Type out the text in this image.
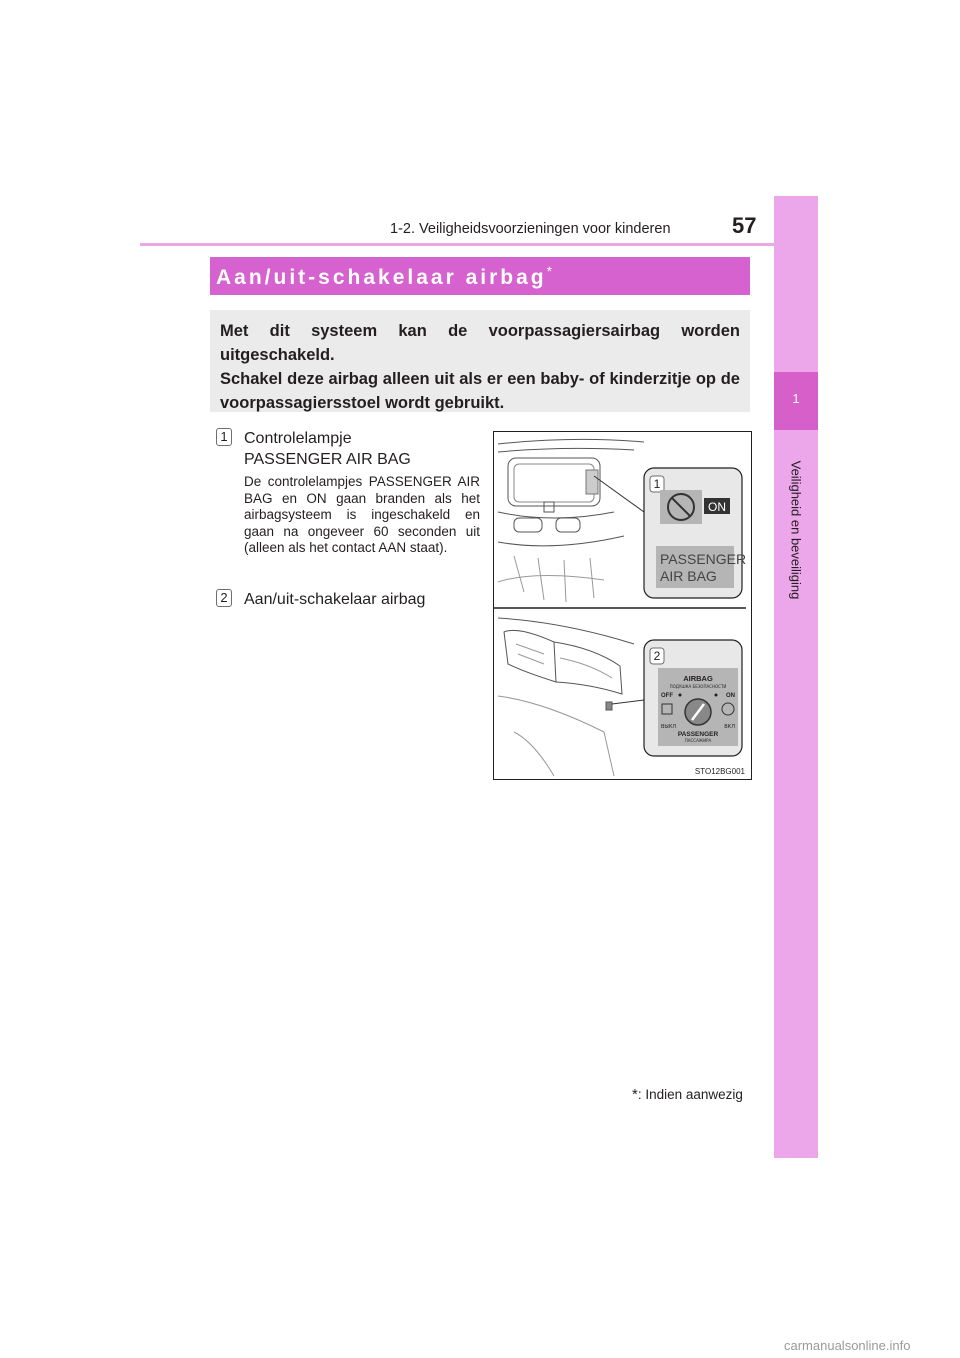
1-2. Veiligheidsvoorzieningen voor kinderen	57
1
Veiligheid en beveiliging
Aan/uit-schakelaar airbag*

Met dit systeem kan de voorpassagiersairbag worden uitgeschakeld.

Schakel deze airbag alleen uit als er een baby- of kinderzitje op de voorpassagiersstoel wordt gebruikt.

1 Controlelampje
PASSENGER AIR BAG
De controlelampjes PASSENGER AIR BAG en ON gaan branden als het airbagsysteem is ingeschakeld en gaan na ongeveer 60 seconden uit (alleen als het contact AAN staat).
2 Aan/uit-schakelaar airbag
1
ON
PASSENGER
AIR BAG
2
AIRBAG
ПОДУШКА БЕЗОПАСНОСТИ
OFF	ON
ВЫКЛ	ВКЛ
PASSENGER
ПАССАЖИРА
STO12BG001
*: Indien aanwezig
carmanualsonline.info
